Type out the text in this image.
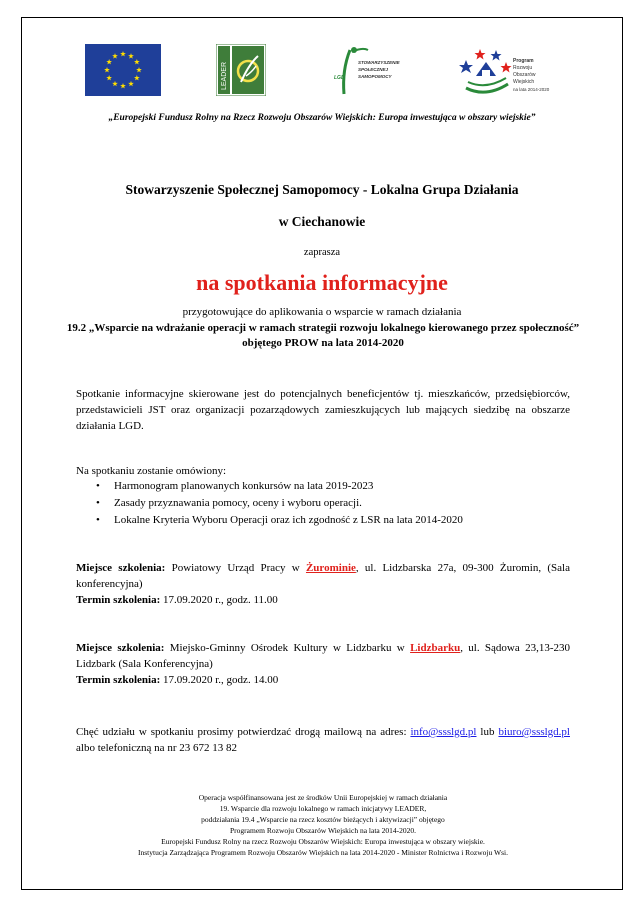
LEADER	STOWARZYSZENIE
SPOŁECZNEJ
SAMOPOMOCY
LGD
Program
Rozwoju
Obszarów
Wiejskich
na lata 2014-2020
„Europejski Fundusz Rolny na Rzecz Rozwoju Obszarów Wiejskich: Europa inwestująca w obszary wiejskie”
Stowarzyszenie Społecznej Samopomocy - Lokalna Grupa Działania
w Ciechanowie
zaprasza
na spotkania informacyjne
przygotowujące do aplikowania o wsparcie w ramach działania
19.2 „Wsparcie na wdrażanie operacji w ramach strategii rozwoju lokalnego kierowanego przez społeczność” objętego PROW na lata 2014-2020
Spotkanie informacyjne skierowane jest do potencjalnych beneficjentów tj. mieszkańców, przedsiębiorców, przedstawicieli JST oraz organizacji pozarządowych zamieszkujących lub mających siedzibę na obszarze działania LGD.
Na spotkaniu zostanie omówiony:
• Harmonogram planowanych konkursów na lata 2019-2023
• Zasady przyznawania pomocy, oceny i wyboru operacji.
• Lokalne Kryteria Wyboru Operacji oraz ich zgodność z LSR na lata 2014-2020
Miejsce szkolenia: Powiatowy Urząd Pracy w Żurominie, ul. Lidzbarska 27a, 09-300 Żuromin, (Sala konferencyjna)
Termin szkolenia: 17.09.2020 r., godz. 11.00
Miejsce szkolenia: Miejsko-Gminny Ośrodek Kultury w Lidzbarku w Lidzbarku, ul. Sądowa 23,13-230 Lidzbark (Sala Konferencyjna)
Termin szkolenia: 17.09.2020 r., godz. 14.00
Chęć udziału w spotkaniu prosimy potwierdzać drogą mailową na adres: info@ssslgd.pl lub biuro@ssslgd.pl albo telefoniczną na nr 23 672 13 82
Operacja współfinansowana jest ze środków Unii Europejskiej w ramach działania
19. Wsparcie dla rozwoju lokalnego w ramach inicjatywy LEADER,
poddziałania 19.4 „Wsparcie na rzecz kosztów bieżących i aktywizacji” objętego
Programem Rozwoju Obszarów Wiejskich na lata 2014-2020.
Europejski Fundusz Rolny na rzecz Rozwoju Obszarów Wiejskich: Europa inwestująca w obszary wiejskie.
Instytucja Zarządzająca Programem Rozwoju Obszarów Wiejskich na lata 2014-2020 - Minister Rolnictwa i Rozwoju Wsi.
